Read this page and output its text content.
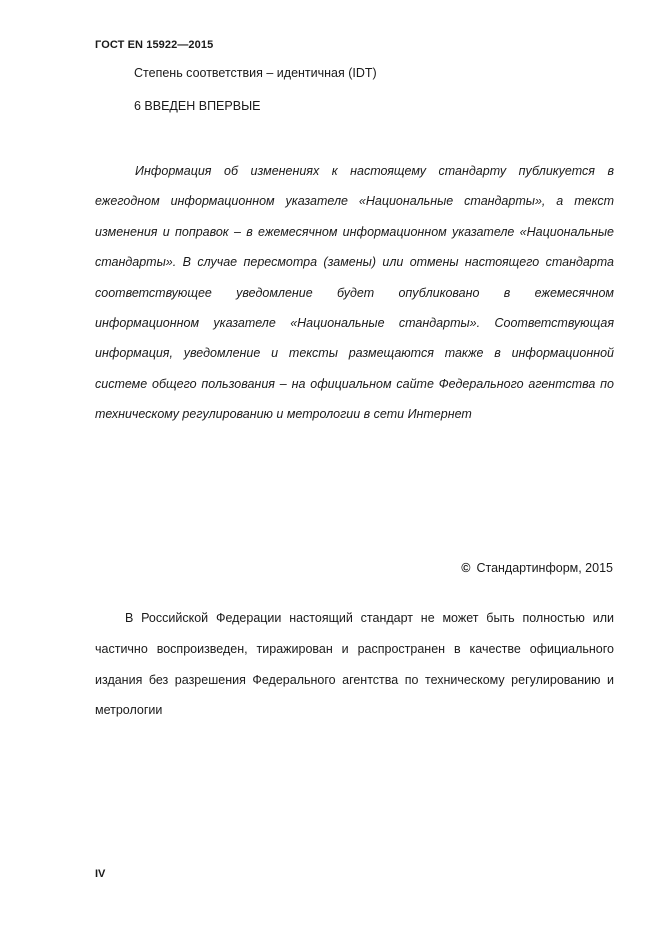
ГОСТ EN 15922—2015
Степень соответствия – идентичная (IDT)
6 ВВЕДЕН ВПЕРВЫЕ

Информация об изменениях к настоящему стандарту публикуется в ежегодном информационном указателе «Национальные стандарты», а текст изменения и поправок – в ежемесячном информационном указателе «Национальные стандарты». В случае пересмотра (замены) или отмены настоящего стандарта соответствующее уведомление будет опубликовано в ежемесячном информационном указателе «Национальные стандарты». Соответствующая информация, уведомление и тексты размещаются также в информационной системе общего пользования – на официальном сайте Федерального агентства по техническому регулированию и метрологии в сети Интернет

© Стандартинформ, 2015

В Российской Федерации настоящий стандарт не может быть полностью или частично воспроизведен, тиражирован и распространен в качестве официального издания без разрешения Федерального агентства по техническому регулированию и метрологии

IV
